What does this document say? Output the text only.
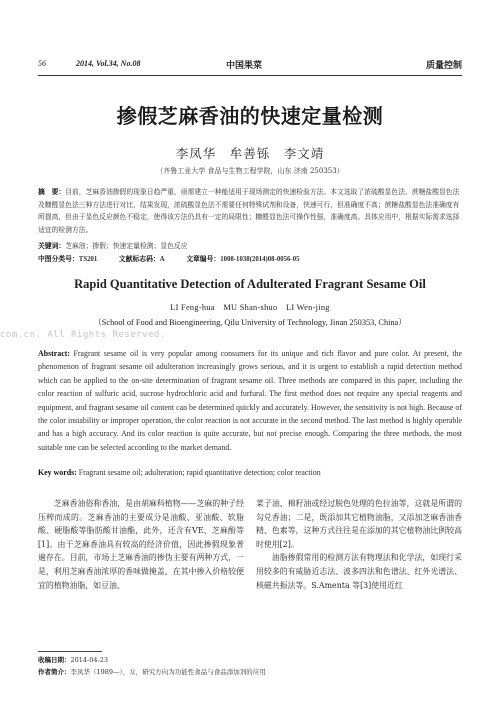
56	2014, Vol.34, No.08	中国果菜	质量控制
掺假芝麻香油的快速定量检测
李凤华　牟善铄　李文靖
（齐鲁工业大学 食品与生物工程学院，山东 济南 250353）
摘　要：目前，芝麻香油掺假的现象日趋严重，亟需建立一种能适用于现场测定的快速检验方法。本文选取了浓硫酸显色法、蔗糖盐酸显色法及糠醛显色法三种方法进行对比，结果发现，浓硫酸显色法不需要任何特殊试剂和设备，快速可行，但准确度不高；蔗糖盐酸显色法准确度有所提高，但由于显色反应颜色不稳定，使得该方法仍具有一定的局限性；糠醛显色法可操作性强，准确度高。具体应用中，根据实际需求选择适宜的检测方法。
关键词：芝麻油；掺假；快速定量检测；显色反应
中图分类号：TS201	文献标志码：A	文章编号：1008-1038(2014)08-0056-05
Rapid Quantitative Detection of Adulterated Fragrant Sesame Oil
LI Feng-hua　MU Shan-shuo　LI Wen-jing
（School of Food and Bioengineering, Qilu University of Technology, Jinan 250353, China）
com.cn. All Rights Reserved.
Abstract: Fragrant sesame oil is very popular among consumers for its unique and rich flavor and pure color. At present, the phenomenon of fragrant sesame oil adulteration increasingly grows serious, and it is urgent to establish a rapid detection method which can be applied to the on-site determination of fragrant sesame oil. Three methods are compared in this paper, including the color reaction of sulfuric acid, sucrose hydrochloric acid and furfural. The first method does not require any special reagents and equipment, and fragrant sesame oil content can be determined quickly and accurately. However, the sensitivity is not high. Because of the color instability or improper operation, the color reaction is not accurate in the second method. The last method is highly operable and has a high accuracy. And its color reaction is quite accurate, but not precise enough. Comparing the three methods, the most suitable one can be selected according to the market demand.
Key words: Fragrant sesame oil; adulteration; rapid quantitative detection; color reaction
芝麻香油俗称香油，是由胡麻科植物——芝麻的种子经压榨而成的。芝麻香油的主要成分是油酸、亚油酸、软脂酸、硬脂酸等脂肪酸甘油酯，此外，还含有VE、芝麻酚等[1]。由于芝麻香油具有较高的经济价值，因此掺假现象普遍存在。目前，市场上芝麻香油的掺伪主要有两种方式，一是，利用芝麻香油浓厚的香味做掩盖，在其中掺入价格较便宜的植物油脂，如豆油、
菜子油、棉籽油或经过脱色处理的色拉油等，这就是所谓的勾兑香油；二是，既添加其它植物油脂，又添加芝麻香油香精、色素等，这种方式往往是在添加的其它植物油比例较高时使用[2]。
油脂掺假常用的检测方法有物理法和化学法，如现行采用较多的有威胁近志法、波多四法和色谱法、红外光谱法、核磁共振法等。S.Amenta 等[3]使用近红
收稿日期：2014-04-23
作者简介：李凤华（1989—），女，研究方向为功能性食品与食品添加剂的应用
